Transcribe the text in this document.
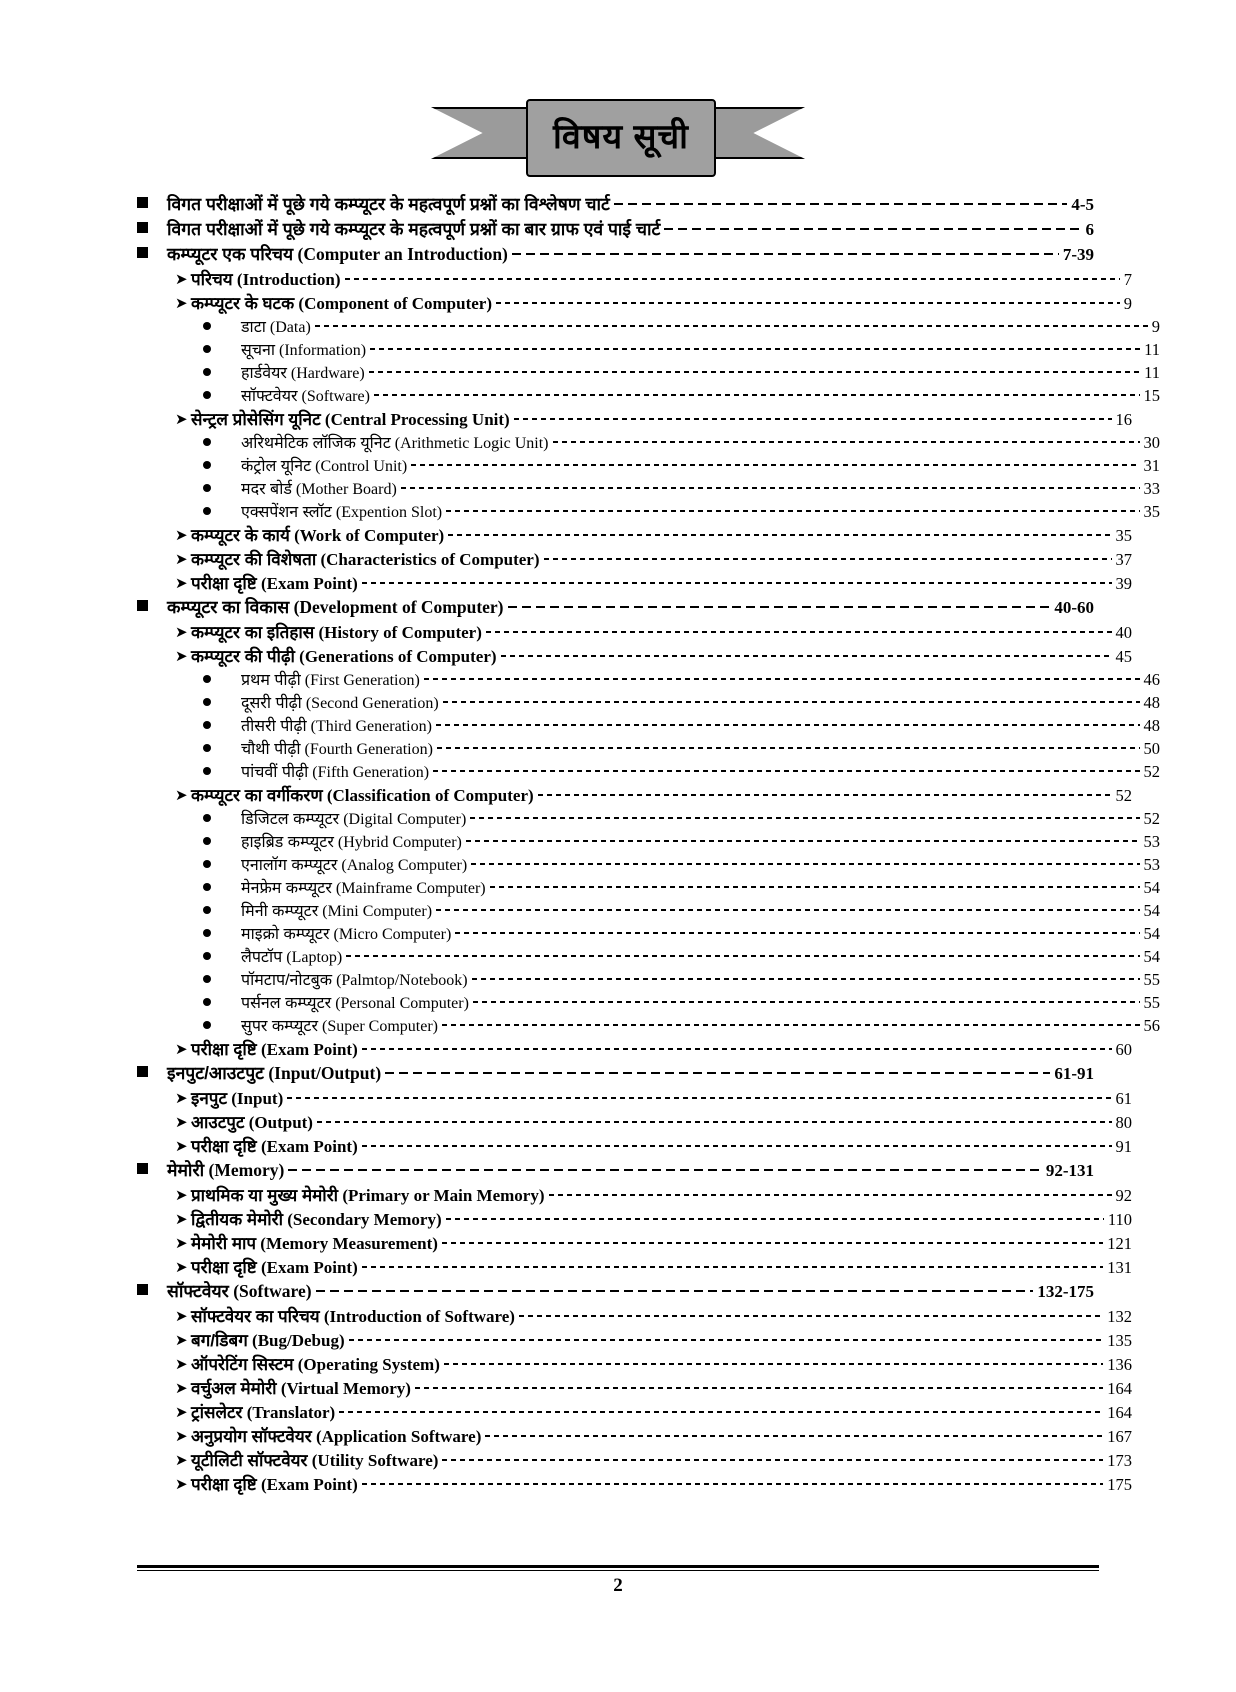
विषय सूची
विगत परीक्षाओं में पूछे गये कम्प्यूटर के महत्वपूर्ण प्रश्नों का विश्लेषण चार्ट	4-5
विगत परीक्षाओं में पूछे गये कम्प्यूटर के महत्वपूर्ण प्रश्नों का बार ग्राफ एवं पाई चार्ट	6
कम्प्यूटर एक परिचय (Computer an Introduction)	7-39
➤ परिचय (Introduction)	7
➤ कम्प्यूटर के घटक (Component of Computer)	9
डाटा (Data)	9
सूचना (Information)	11
हार्डवेयर (Hardware)	11
सॉफ्टवेयर (Software)	15
➤ सेन्ट्रल प्रोसेसिंग यूनिट (Central Processing Unit)	16
अरिथमेटिक लॉजिक यूनिट (Arithmetic Logic Unit)	30
कंट्रोल यूनिट (Control Unit)	31
मदर बोर्ड (Mother Board)	33
एक्सपेंशन स्लॉट (Expention Slot)	35
➤ कम्प्यूटर के कार्य (Work of Computer)	35
➤ कम्प्यूटर की विशेषता (Characteristics of Computer)	37
➤ परीक्षा दृष्टि (Exam Point)	39
कम्प्यूटर का विकास (Development of Computer)	40-60
➤ कम्प्यूटर का इतिहास (History of Computer)	40
➤ कम्प्यूटर की पीढ़ी (Generations of Computer)	45
प्रथम पीढ़ी (First Generation)	46
दूसरी पीढ़ी (Second Generation)	48
तीसरी पीढ़ी (Third Generation)	48
चौथी पीढ़ी (Fourth Generation)	50
पांचवीं पीढ़ी (Fifth Generation)	52
➤ कम्प्यूटर का वर्गीकरण (Classification of Computer)	52
डिजिटल कम्प्यूटर (Digital Computer)	52
हाइब्रिड कम्प्यूटर (Hybrid Computer)	53
एनालॉग कम्प्यूटर (Analog Computer)	53
मेनफ्रेम कम्प्यूटर (Mainframe Computer)	54
मिनी कम्प्यूटर (Mini Computer)	54
माइक्रो कम्प्यूटर (Micro Computer)	54
लैपटॉप (Laptop)	54
पॉमटाप/नोटबुक (Palmtop/Notebook)	55
पर्सनल कम्प्यूटर (Personal Computer)	55
सुपर कम्प्यूटर (Super Computer)	56
➤ परीक्षा दृष्टि (Exam Point)	60
इनपुट/आउटपुट (Input/Output)	61-91
➤ इनपुट (Input)	61
➤ आउटपुट (Output)	80
➤ परीक्षा दृष्टि (Exam Point)	91
मेमोरी (Memory)	92-131
➤ प्राथमिक या मुख्य मेमोरी (Primary or Main Memory)	92
➤ द्वितीयक मेमोरी (Secondary Memory)	110
➤ मेमोरी माप (Memory Measurement)	121
➤ परीक्षा दृष्टि (Exam Point)	131
सॉफ्टवेयर (Software)	132-175
➤ सॉफ्टवेयर का परिचय (Introduction of Software)	132
➤ बग/डिबग (Bug/Debug)	135
➤ ऑपरेटिंग सिस्टम (Operating System)	136
➤ वर्चुअल मेमोरी (Virtual Memory)	164
➤ ट्रांसलेटर (Translator)	164
➤ अनुप्रयोग सॉफ्टवेयर (Application Software)	167
➤ यूटीलिटी सॉफ्टवेयर (Utility Software)	173
➤ परीक्षा दृष्टि (Exam Point)	175
2
